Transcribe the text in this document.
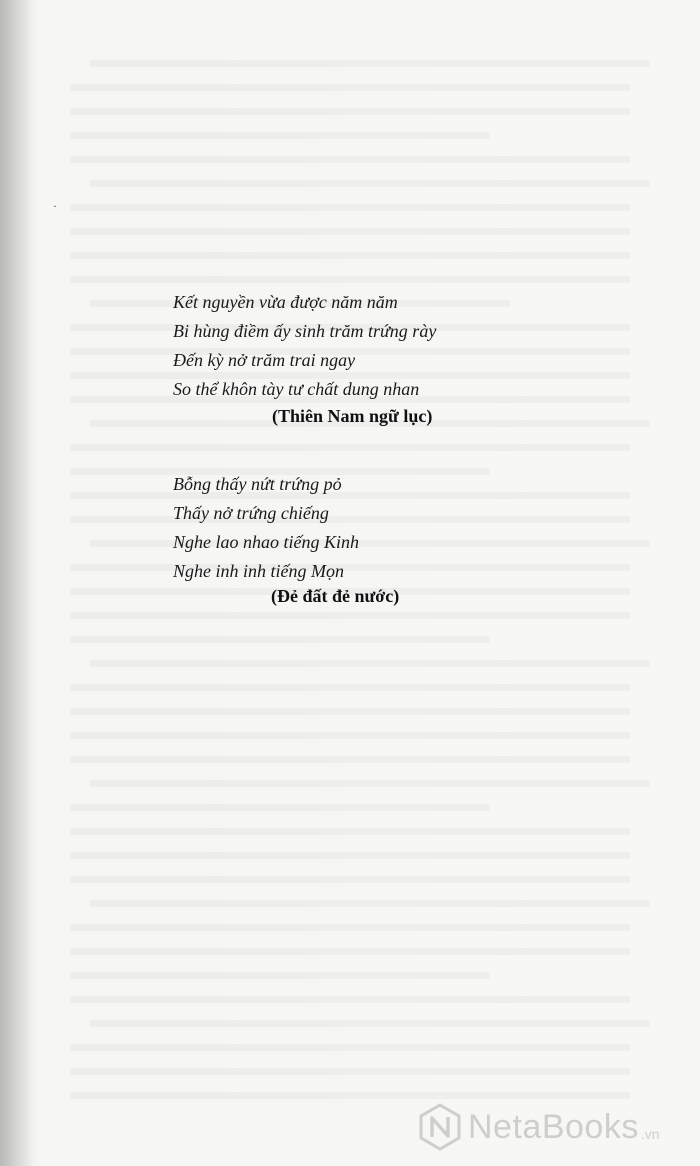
˙
Kết nguyền vừa được năm năm
Bi hùng điềm ấy sinh trăm trứng rày
Đến kỳ nở trăm trai ngay
So thể khôn tày tư chất dung nhan
(Thiên Nam ngữ lục)
Bỗng thấy nứt trứng pỏ
Thấy nở trứng chiếng
Nghe lao nhao tiếng Kinh
Nghe inh inh tiếng Mọn
(Đẻ đất đẻ nước)
NetaBooks .vn
